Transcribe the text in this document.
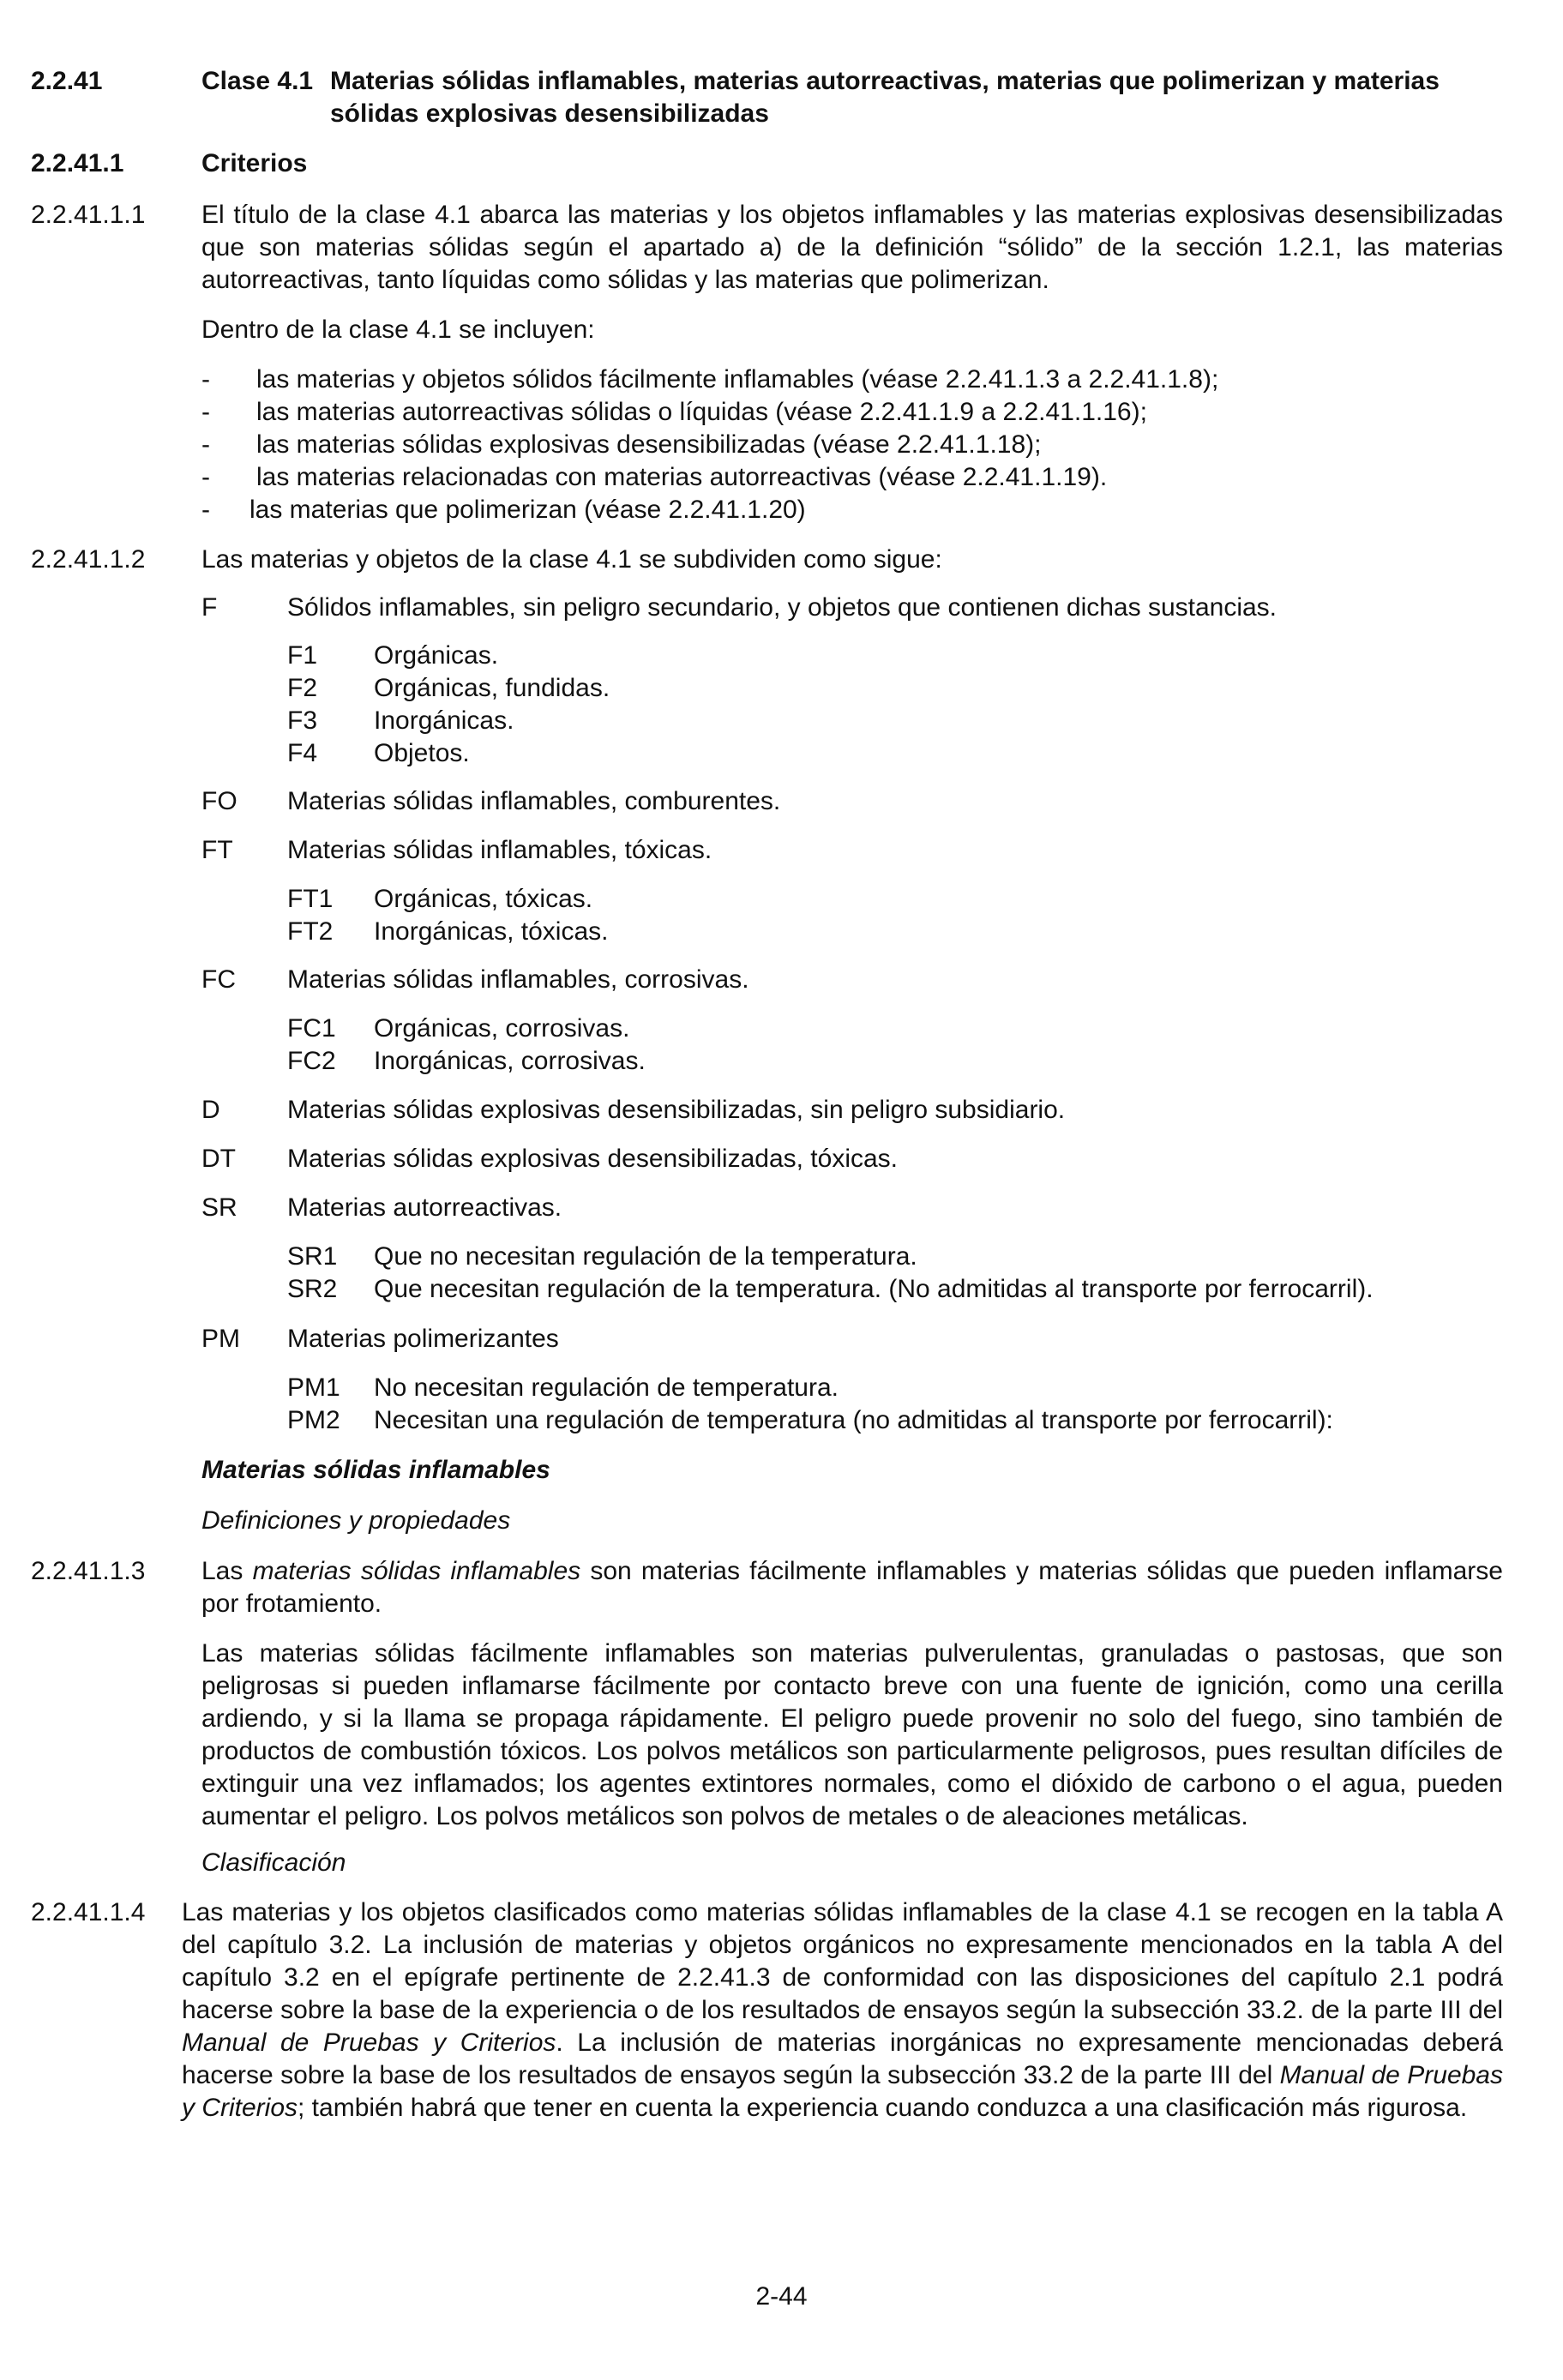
2.2.41	Clase 4.1 Materias sólidas inflamables, materias autorreactivas, materias que polimerizan y materias
sólidas explosivas desensibilizadas
2.2.41.1	Criterios
2.2.41.1.1 El título de la clase 4.1 abarca las materias y los objetos inflamables y las materias explosivas desensibilizadas que son materias sólidas según el apartado a) de la definición “sólido” de la sección 1.2.1, las materias autorreactivas, tanto líquidas como sólidas y las materias que polimerizan.
Dentro de la clase 4.1 se incluyen:
- las materias y objetos sólidos fácilmente inflamables (véase 2.2.41.1.3 a 2.2.41.1.8);
- las materias autorreactivas sólidas o líquidas (véase 2.2.41.1.9 a 2.2.41.1.16);
- las materias sólidas explosivas desensibilizadas (véase 2.2.41.1.18);
- las materias relacionadas con materias autorreactivas (véase 2.2.41.1.19).
- las materias que polimerizan (véase 2.2.41.1.20)
2.2.41.1.2 Las materias y objetos de la clase 4.1 se subdividen como sigue:
F	Sólidos inflamables, sin peligro secundario, y objetos que contienen dichas sustancias.
F1 Orgánicas.
F2 Orgánicas, fundidas.
F3 Inorgánicas.
F4 Objetos.
FO Materias sólidas inflamables, comburentes.
FT Materias sólidas inflamables, tóxicas.
FT1 Orgánicas, tóxicas.
FT2 Inorgánicas, tóxicas.
FC Materias sólidas inflamables, corrosivas.
FC1 Orgánicas, corrosivas.
FC2 Inorgánicas, corrosivas.
D	Materias sólidas explosivas desensibilizadas, sin peligro subsidiario.
DT Materias sólidas explosivas desensibilizadas, tóxicas.
SR Materias autorreactivas.
SR1 Que no necesitan regulación de la temperatura.
SR2 Que necesitan regulación de la temperatura. (No admitidas al transporte por ferrocarril).
PM Materias polimerizantes
PM1 No necesitan regulación de temperatura.
PM2 Necesitan una regulación de temperatura (no admitidas al transporte por ferrocarril):
Materias sólidas inflamables
Definiciones y propiedades
2.2.41.1.3 Las materias sólidas inflamables son materias fácilmente inflamables y materias sólidas que pueden inflamarse por frotamiento.
Las materias sólidas fácilmente inflamables son materias pulverulentas, granuladas o pastosas, que son peligrosas si pueden inflamarse fácilmente por contacto breve con una fuente de ignición, como una cerilla ardiendo, y si la llama se propaga rápidamente. El peligro puede provenir no solo del fuego, sino también de productos de combustión tóxicos. Los polvos metálicos son particularmente peligrosos, pues resultan difíciles de extinguir una vez inflamados; los agentes extintores normales, como el dióxido de carbono o el agua, pueden aumentar el peligro. Los polvos metálicos son polvos de metales o de aleaciones metálicas.
Clasificación
2.2.41.1.4 Las materias y los objetos clasificados como materias sólidas inflamables de la clase 4.1 se recogen en la tabla A del capítulo 3.2. La inclusión de materias y objetos orgánicos no expresamente mencionados en la tabla A del capítulo 3.2 en el epígrafe pertinente de 2.2.41.3 de conformidad con las disposiciones del capítulo 2.1 podrá hacerse sobre la base de la experiencia o de los resultados de ensayos según la subsección 33.2. de la parte III del Manual de Pruebas y Criterios. La inclusión de materias inorgánicas no expresamente mencionadas deberá hacerse sobre la base de los resultados de ensayos según la subsección 33.2 de la parte III del Manual de Pruebas y Criterios; también habrá que tener en cuenta la experiencia cuando conduzca a una clasificación más rigurosa.
2-44
